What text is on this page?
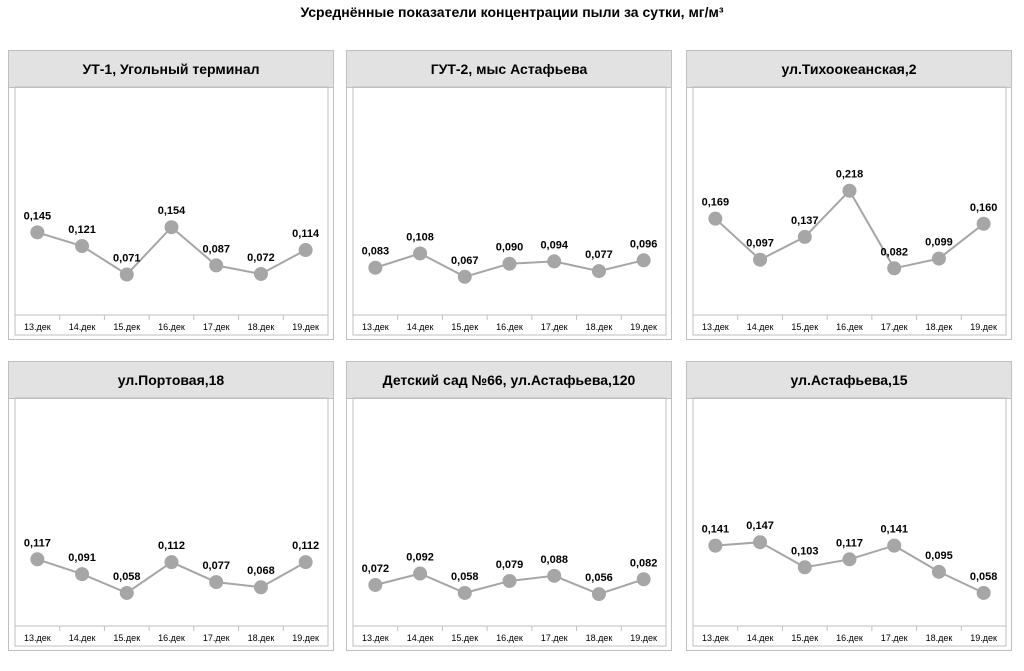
Усреднённые показатели концентрации пыли за сутки, мг/м³
УТ-1, Угольный терминал
0,145
13.дек
0,121
14.дек
0,071
15.дек
0,154
16.дек
0,087
17.дек
0,072
18.дек
0,114
19.дек
ГУТ-2, мыс Астафьева
0,083
13.дек
0,108
14.дек
0,067
15.дек
0,090
16.дек
0,094
17.дек
0,077
18.дек
0,096
19.дек
ул.Тихоокеанская,2
0,169
13.дек
0,097
14.дек
0,137
15.дек
0,218
16.дек
0,082
17.дек
0,099
18.дек
0,160
19.дек
ул.Портовая,18
0,117
13.дек
0,091
14.дек
0,058
15.дек
0,112
16.дек
0,077
17.дек
0,068
18.дек
0,112
19.дек
Детский сад №66, ул.Астафьева,120
0,072
13.дек
0,092
14.дек
0,058
15.дек
0,079
16.дек
0,088
17.дек
0,056
18.дек
0,082
19.дек
ул.Астафьева,15
0,141
13.дек
0,147
14.дек
0,103
15.дек
0,117
16.дек
0,141
17.дек
0,095
18.дек
0,058
19.дек
